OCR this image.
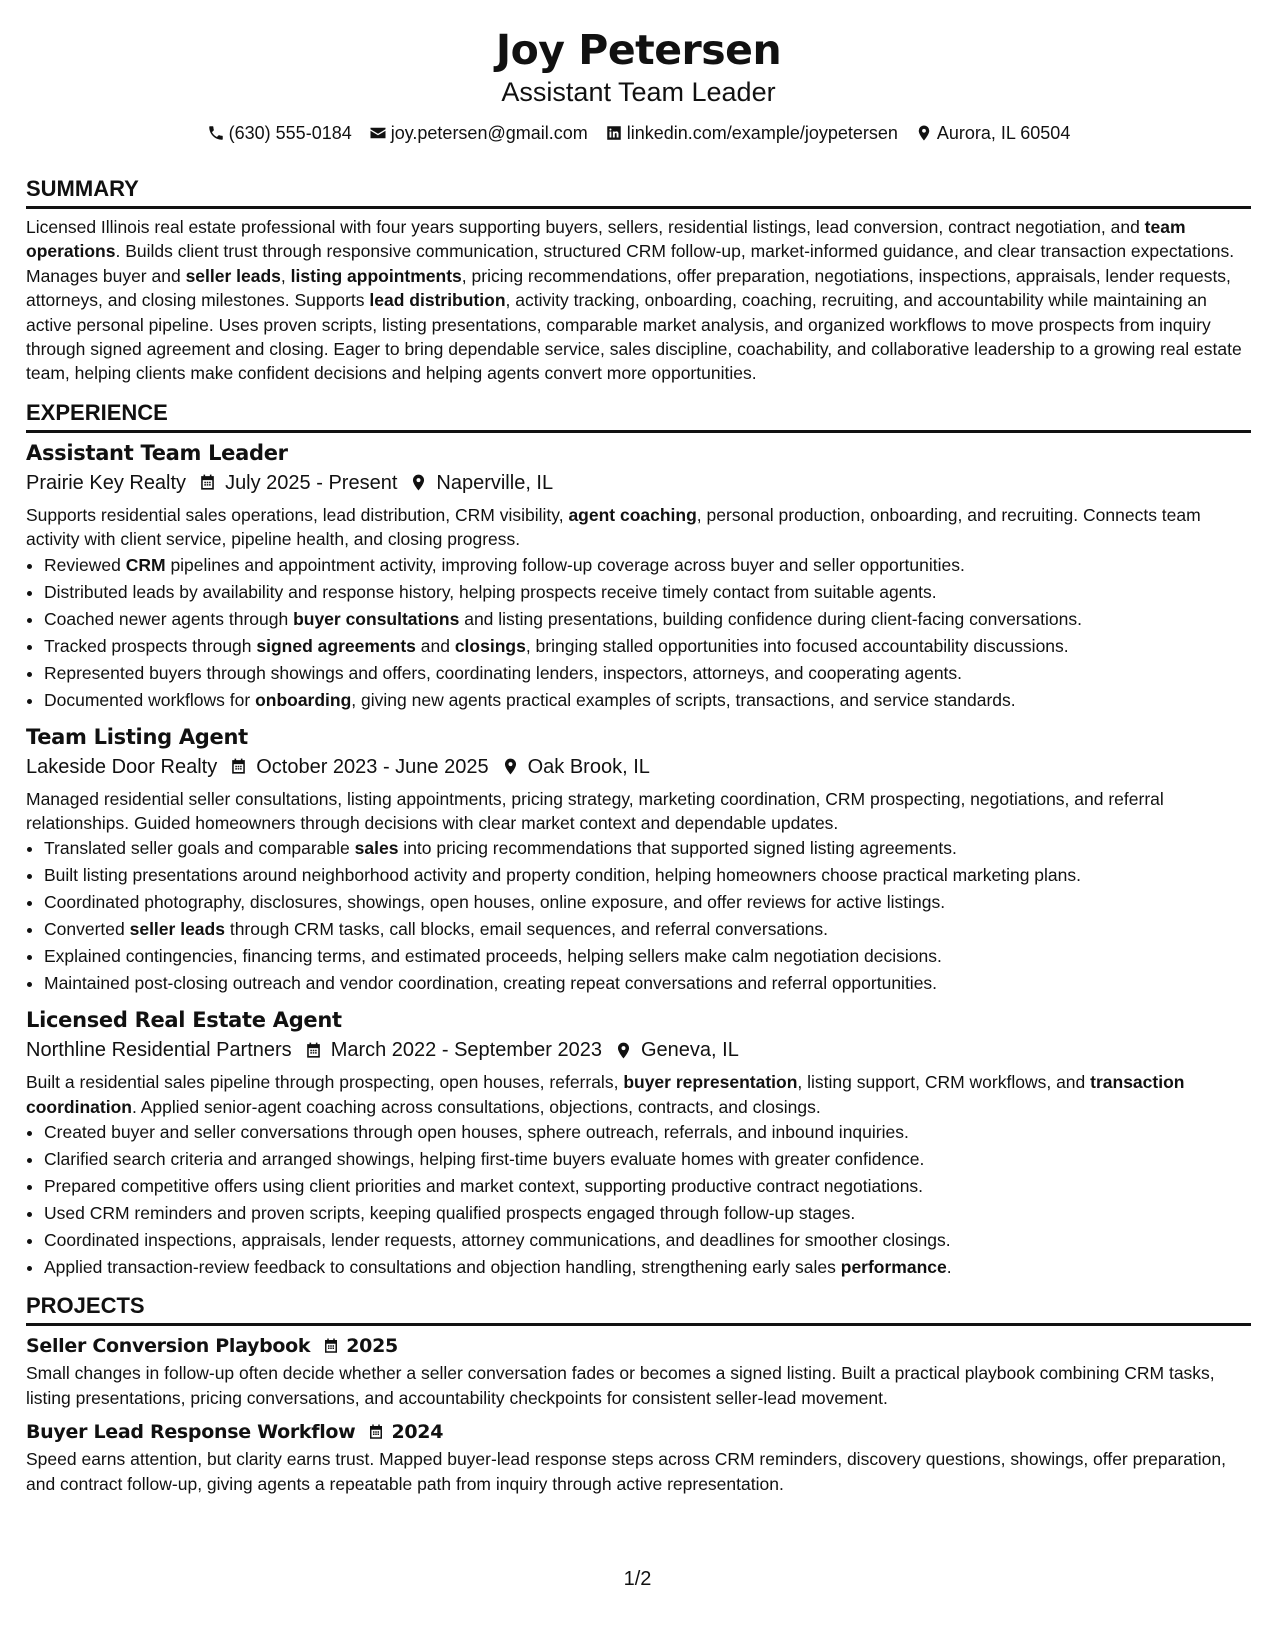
Joy Petersen
Assistant Team Leader
(630) 555-0184 joy.petersen@gmail.com linkedin.com/example/joypetersen Aurora, IL 60504
SUMMARY
Licensed Illinois real estate professional with four years supporting buyers, sellers, residential listings, lead conversion, contract negotiation, and team operations. Builds client trust through responsive communication, structured CRM follow-up, market-informed guidance, and clear transaction expectations. Manages buyer and seller leads, listing appointments, pricing recommendations, offer preparation, negotiations, inspections, appraisals, lender requests, attorneys, and closing milestones. Supports lead distribution, activity tracking, onboarding, coaching, recruiting, and accountability while maintaining an active personal pipeline. Uses proven scripts, listing presentations, comparable market analysis, and organized workflows to move prospects from inquiry through signed agreement and closing. Eager to bring dependable service, sales discipline, coachability, and collaborative leadership to a growing real estate team, helping clients make confident decisions and helping agents convert more opportunities.
EXPERIENCE
Assistant Team Leader
Prairie Key Realty July 2025 - Present Naperville, IL
Supports residential sales operations, lead distribution, CRM visibility, agent coaching, personal production, onboarding, and recruiting. Connects team activity with client service, pipeline health, and closing progress.
• Reviewed CRM pipelines and appointment activity, improving follow-up coverage across buyer and seller opportunities.
• Distributed leads by availability and response history, helping prospects receive timely contact from suitable agents.
• Coached newer agents through buyer consultations and listing presentations, building confidence during client-facing conversations.
• Tracked prospects through signed agreements and closings, bringing stalled opportunities into focused accountability discussions.
• Represented buyers through showings and offers, coordinating lenders, inspectors, attorneys, and cooperating agents.
• Documented workflows for onboarding, giving new agents practical examples of scripts, transactions, and service standards.
Team Listing Agent
Lakeside Door Realty October 2023 - June 2025 Oak Brook, IL
Managed residential seller consultations, listing appointments, pricing strategy, marketing coordination, CRM prospecting, negotiations, and referral relationships. Guided homeowners through decisions with clear market context and dependable updates.
• Translated seller goals and comparable sales into pricing recommendations that supported signed listing agreements.
• Built listing presentations around neighborhood activity and property condition, helping homeowners choose practical marketing plans.
• Coordinated photography, disclosures, showings, open houses, online exposure, and offer reviews for active listings.
• Converted seller leads through CRM tasks, call blocks, email sequences, and referral conversations.
• Explained contingencies, financing terms, and estimated proceeds, helping sellers make calm negotiation decisions.
• Maintained post-closing outreach and vendor coordination, creating repeat conversations and referral opportunities.
Licensed Real Estate Agent
Northline Residential Partners March 2022 - September 2023 Geneva, IL
Built a residential sales pipeline through prospecting, open houses, referrals, buyer representation, listing support, CRM workflows, and transaction coordination. Applied senior-agent coaching across consultations, objections, contracts, and closings.
• Created buyer and seller conversations through open houses, sphere outreach, referrals, and inbound inquiries.
• Clarified search criteria and arranged showings, helping first-time buyers evaluate homes with greater confidence.
• Prepared competitive offers using client priorities and market context, supporting productive contract negotiations.
• Used CRM reminders and proven scripts, keeping qualified prospects engaged through follow-up stages.
• Coordinated inspections, appraisals, lender requests, attorney communications, and deadlines for smoother closings.
• Applied transaction-review feedback to consultations and objection handling, strengthening early sales performance.
PROJECTS
Seller Conversion Playbook 2025
Small changes in follow-up often decide whether a seller conversation fades or becomes a signed listing. Built a practical playbook combining CRM tasks, listing presentations, pricing conversations, and accountability checkpoints for consistent seller-lead movement.
Buyer Lead Response Workflow 2024
Speed earns attention, but clarity earns trust. Mapped buyer-lead response steps across CRM reminders, discovery questions, showings, offer preparation, and contract follow-up, giving agents a repeatable path from inquiry through active representation.
1/2
